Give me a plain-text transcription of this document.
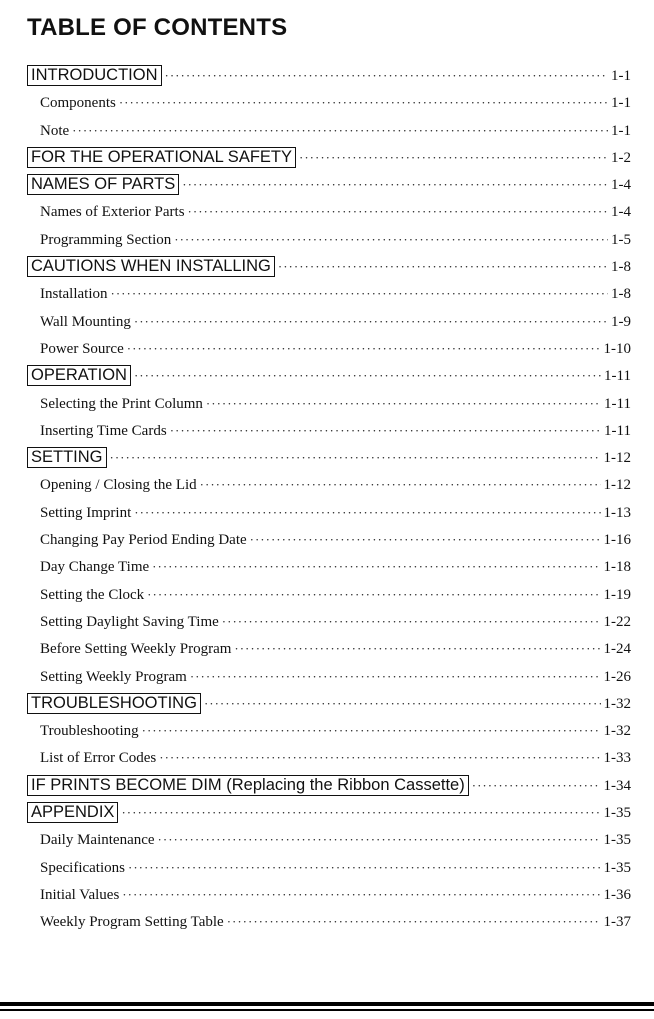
TABLE OF CONTENTS
INTRODUCTION ·····	1-1
Components ·····	1-1
Note ·····	1-1
FOR THE OPERATIONAL SAFETY ·····	1-2
NAMES OF PARTS ·····	1-4
Names of Exterior Parts ·····	1-4
Programming Section ·····	1-5
CAUTIONS WHEN INSTALLING ·····	1-8
Installation ·····	1-8
Wall Mounting ·····	1-9
Power Source ·····	1-10
OPERATION ·····	1-11
Selecting the Print Column ·····	1-11
Inserting Time Cards ·····	1-11
SETTING ·····	1-12
Opening / Closing the Lid ·····	1-12
Setting Imprint ·····	1-13
Changing Pay Period Ending Date ·····	1-16
Day Change Time ·····	1-18
Setting the Clock ·····	1-19
Setting Daylight Saving Time ·····	1-22
Before Setting Weekly Program ·····	1-24
Setting Weekly Program ·····	1-26
TROUBLESHOOTING ·····	1-32
Troubleshooting ·····	1-32
List of Error Codes ·····	1-33
IF PRINTS BECOME DIM (Replacing the Ribbon Cassette) ·····	1-34
APPENDIX ·····	1-35
Daily Maintenance ·····	1-35
Specifications ·····	1-35
Initial Values ·····	1-36
Weekly Program Setting Table ·····	1-37
